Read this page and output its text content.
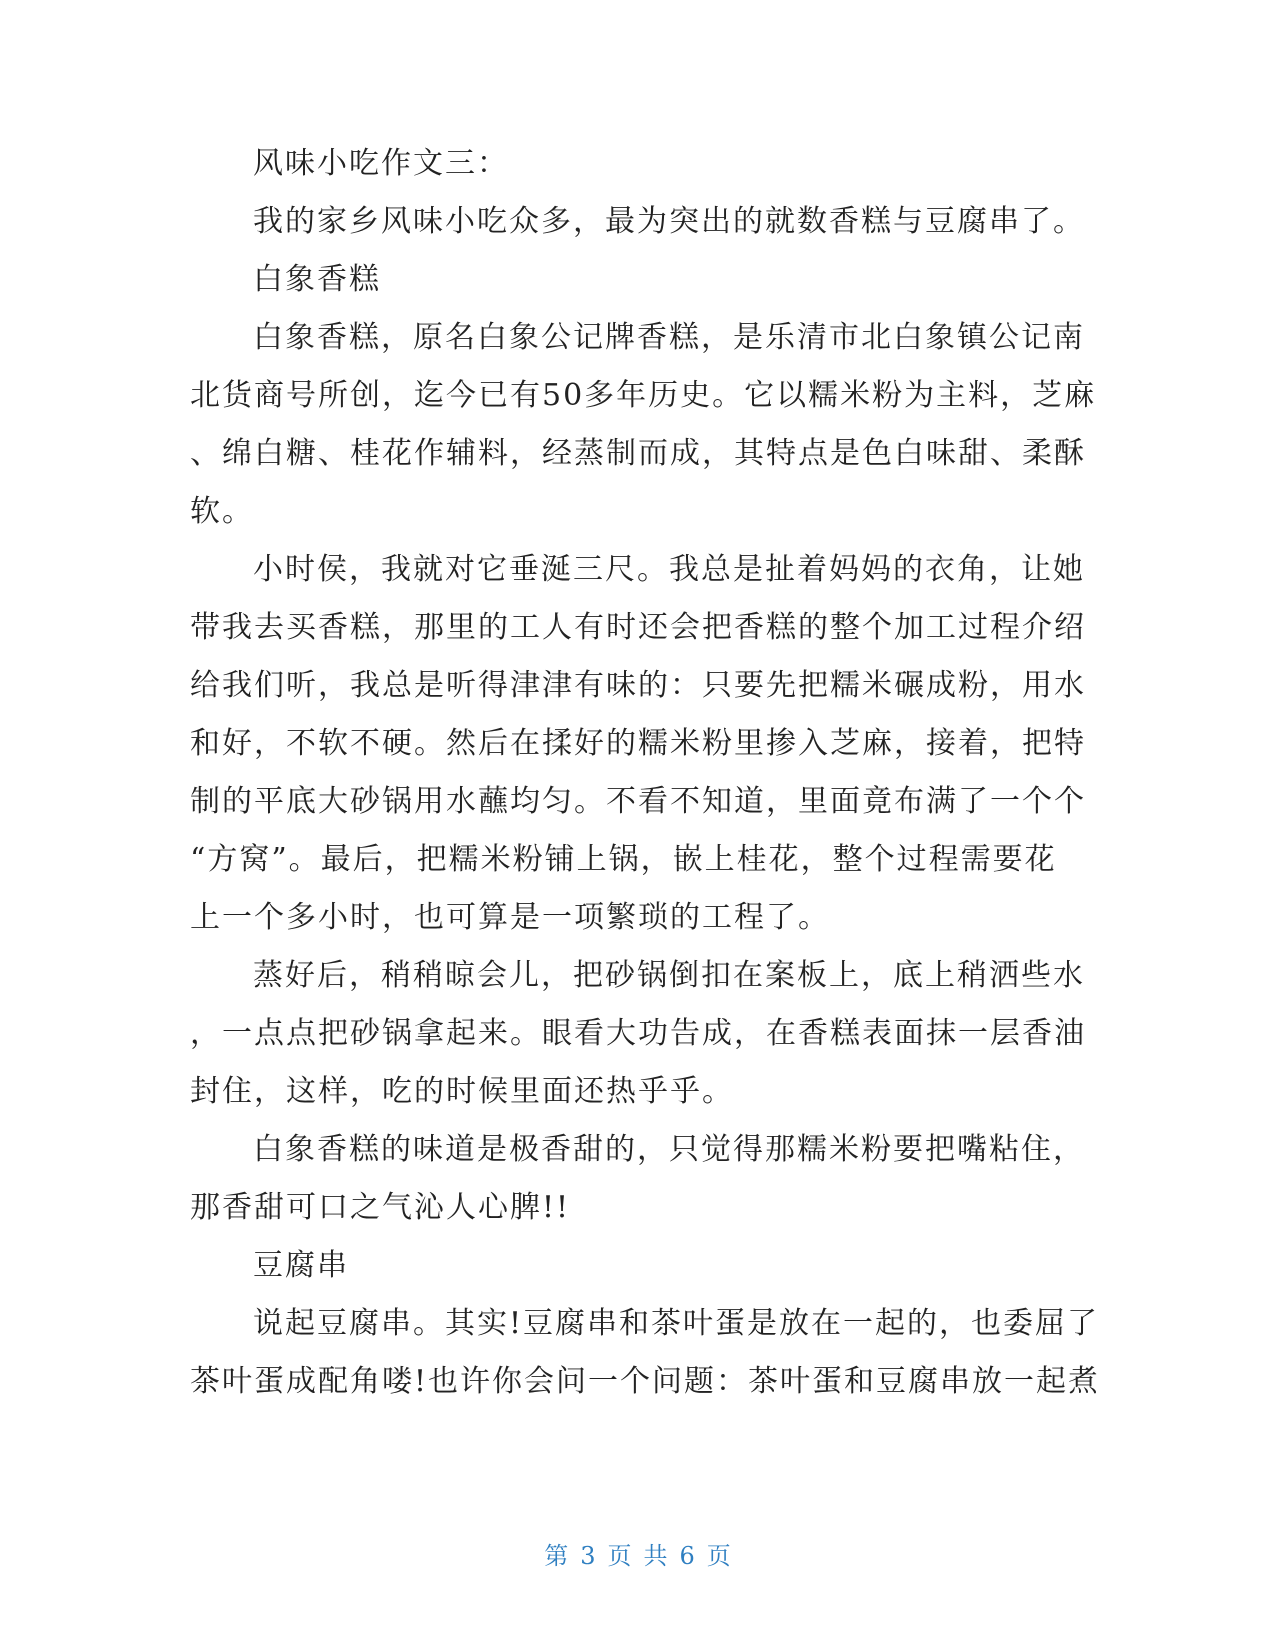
风味小吃作文三：
我的家乡风味小吃众多，最为突出的就数香糕与豆腐串了。
白象香糕
白象香糕，原名白象公记牌香糕，是乐清市北白象镇公记南
北货商号所创，迄今已有50多年历史。它以糯米粉为主料，芝麻
、绵白糖、桂花作辅料，经蒸制而成，其特点是色白味甜、柔酥
软。
小时侯，我就对它垂涎三尺。我总是扯着妈妈的衣角，让她
带我去买香糕，那里的工人有时还会把香糕的整个加工过程介绍
给我们听，我总是听得津津有味的：只要先把糯米碾成粉，用水
和好，不软不硬。然后在揉好的糯米粉里掺入芝麻，接着，把特
制的平底大砂锅用水蘸均匀。不看不知道，里面竟布满了一个个
“方窝”。最后，把糯米粉铺上锅，嵌上桂花，整个过程需要花
上一个多小时，也可算是一项繁琐的工程了。
蒸好后，稍稍晾会儿，把砂锅倒扣在案板上，底上稍洒些水
，一点点把砂锅拿起来。眼看大功告成，在香糕表面抹一层香油
封住，这样，吃的时候里面还热乎乎。
白象香糕的味道是极香甜的，只觉得那糯米粉要把嘴粘住，
那香甜可口之气沁人心脾!!
豆腐串
说起豆腐串。其实!豆腐串和茶叶蛋是放在一起的，也委屈了
茶叶蛋成配角喽!也许你会问一个问题：茶叶蛋和豆腐串放一起煮
第 3 页 共 6 页
